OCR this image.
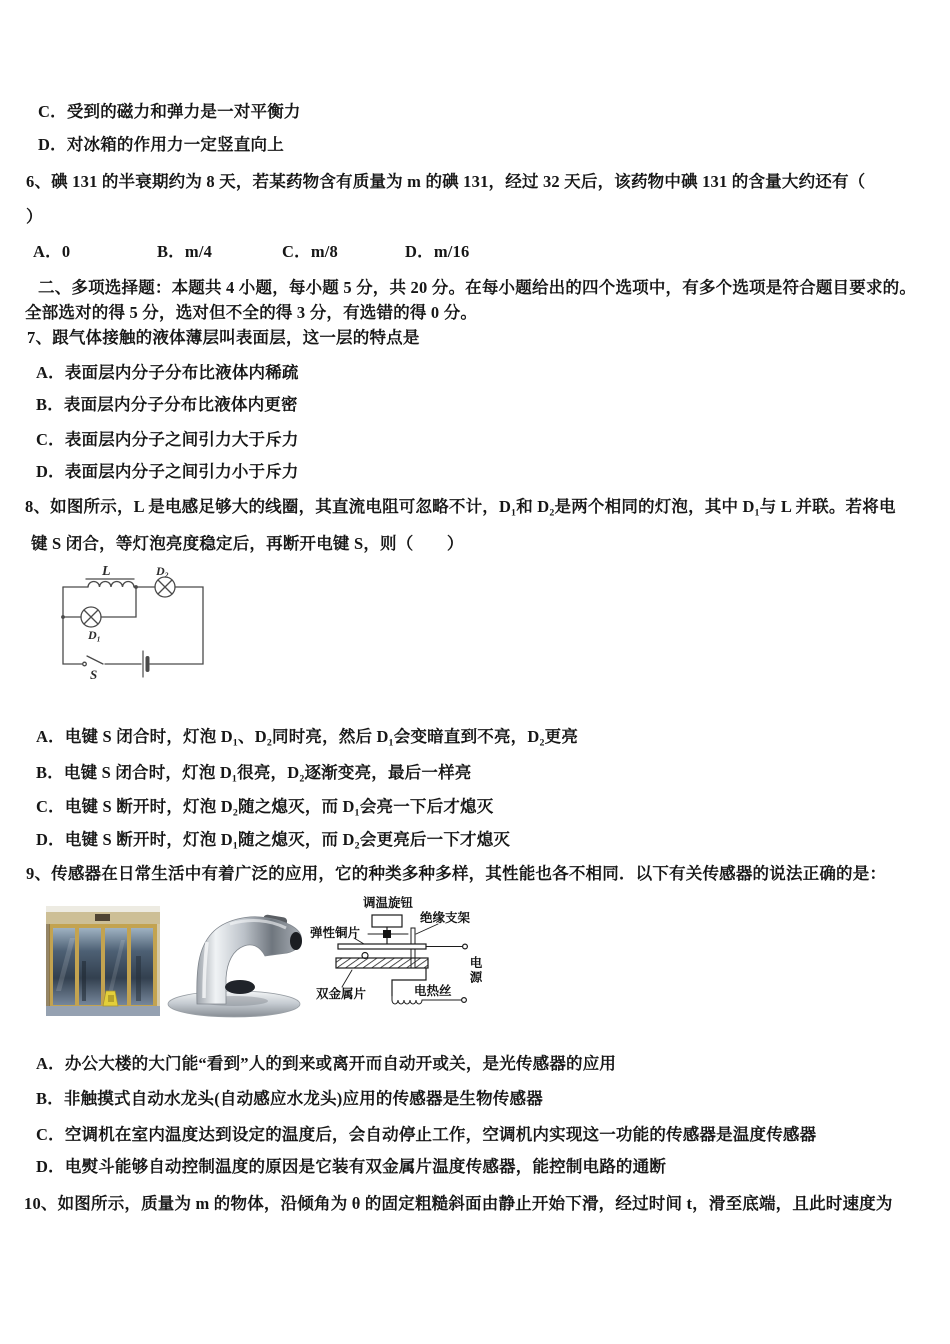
C．受到的磁力和弹力是一对平衡力
D．对冰箱的作用力一定竖直向上
6、碘 131 的半衰期约为 8 天，若某药物含有质量为 m 的碘 131，经过 32 天后，该药物中碘 131 的含量大约还有（
）
A．0	B．m/4	C．m/8	D．m/16
二、多项选择题：本题共 4 小题，每小题 5 分，共 20 分。在每小题给出的四个选项中，有多个选项是符合题目要求的。
全部选对的得 5 分，选对但不全的得 3 分，有选错的得 0 分。
7、跟气体接触的液体薄层叫表面层，这一层的特点是
A．表面层内分子分布比液体内稀疏
B．表面层内分子分布比液体内更密
C．表面层内分子之间引力大于斥力
D．表面层内分子之间引力小于斥力
8、如图所示，L 是电感足够大的线圈，其直流电阻可忽略不计，D₁和 D₂是两个相同的灯泡，其中 D₁与 L 并联。若将电
键 S 闭合，等灯泡亮度稳定后，再断开电键 S，则（　　）
L	D₂
D₁
S
A．电键 S 闭合时，灯泡 D₁、D₂同时亮，然后 D₁会变暗直到不亮，D₂更亮
B．电键 S 闭合时，灯泡 D₁很亮，D₂逐渐变亮，最后一样亮
C．电键 S 断开时，灯泡 D₂随之熄灭，而 D₁会亮一下后才熄灭
D．电键 S 断开时，灯泡 D₁随之熄灭，而 D₂会更亮后一下才熄灭
9、传感器在日常生活中有着广泛的应用，它的种类多种多样，其性能也各不相同．以下有关传感器的说法正确的是：
调温旋钮
绝缘支架
弹性铜片
双金属片	电热丝
电源
A．办公大楼的大门能“看到”人的到来或离开而自动开或关，是光传感器的应用
B．非触摸式自动水龙头(自动感应水龙头)应用的传感器是生物传感器
C．空调机在室内温度达到设定的温度后，会自动停止工作，空调机内实现这一功能的传感器是温度传感器
D．电熨斗能够自动控制温度的原因是它装有双金属片温度传感器，能控制电路的通断
10、如图所示，质量为 m 的物体，沿倾角为 θ 的固定粗糙斜面由静止开始下滑，经过时间 t，滑至底端，且此时速度为
